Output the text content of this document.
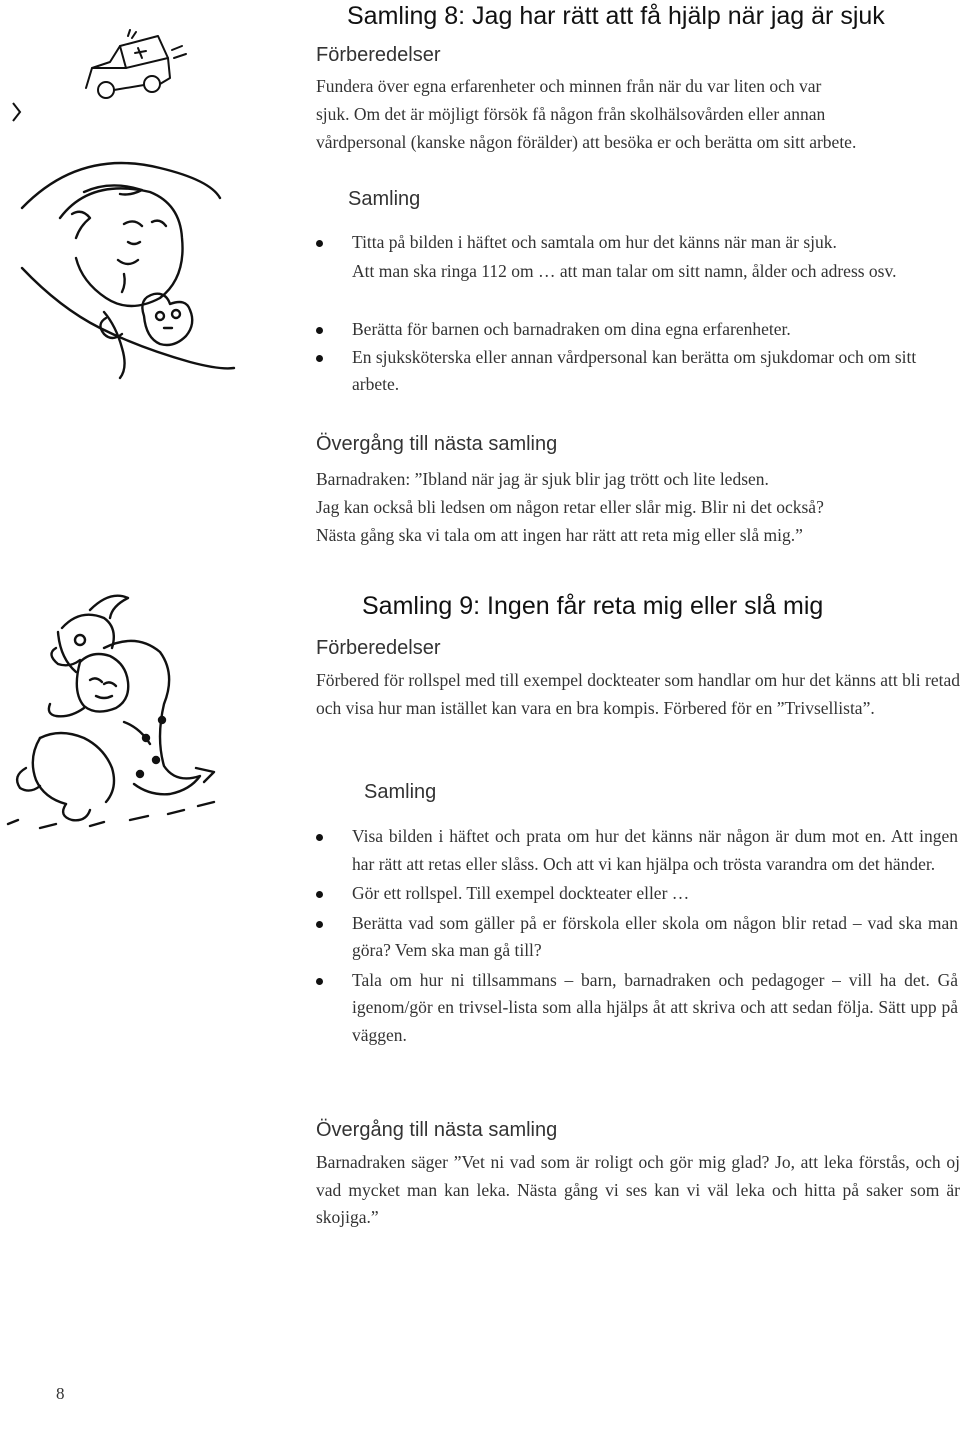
Samling 8: Jag har rätt att få hjälp när jag är sjuk
Förberedelser
Fundera över egna erfarenheter och minnen från när du var liten och var
sjuk. Om det är möjligt försök få någon från skolhälsovården eller annan
vårdpersonal (kanske någon förälder) att besöka er och berätta om sitt arbete.
Samling
Titta på bilden i häftet och samtala om hur det känns när man är sjuk.
Att man ska ringa 112 om … att man talar om sitt namn, ålder och adress osv.
Berätta för barnen och barnadraken om dina egna erfarenheter.
En sjuksköterska eller annan vårdpersonal kan berätta om sjukdomar och om sitt arbete.
Övergång till nästa samling
Barnadraken: ”Ibland när jag är sjuk blir jag trött och lite ledsen.
Jag kan också bli ledsen om någon retar eller slår mig. Blir ni det också?
Nästa gång ska vi tala om att ingen har rätt att reta mig eller slå mig.”
Samling 9: Ingen får reta mig eller slå mig
Förberedelser
Förbered för rollspel med till exempel dockteater som handlar om hur det känns att bli retad och visa hur man istället kan vara en bra kompis. Förbered för en ”Trivsellista”.
Samling
Visa bilden i häftet och prata om hur det känns när någon är dum mot en. Att ingen har rätt att retas eller slåss. Och att vi kan hjälpa och trösta varandra om det händer.
Gör ett rollspel. Till exempel dockteater eller …
Berätta vad som gäller på er förskola eller skola om någon blir retad – vad ska man göra? Vem ska man gå till?
Tala om hur ni tillsammans – barn, barnadraken och pedagoger – vill ha det. Gå igenom/gör en trivsel-lista som alla hjälps åt att skriva och att sedan följa. Sätt upp på väggen.
Övergång till nästa samling
Barnadraken säger ”Vet ni vad som är roligt och gör mig glad? Jo, att leka förstås, och oj vad mycket man kan leka. Nästa gång vi ses kan vi väl leka och hitta på saker som är skojiga.”
8
